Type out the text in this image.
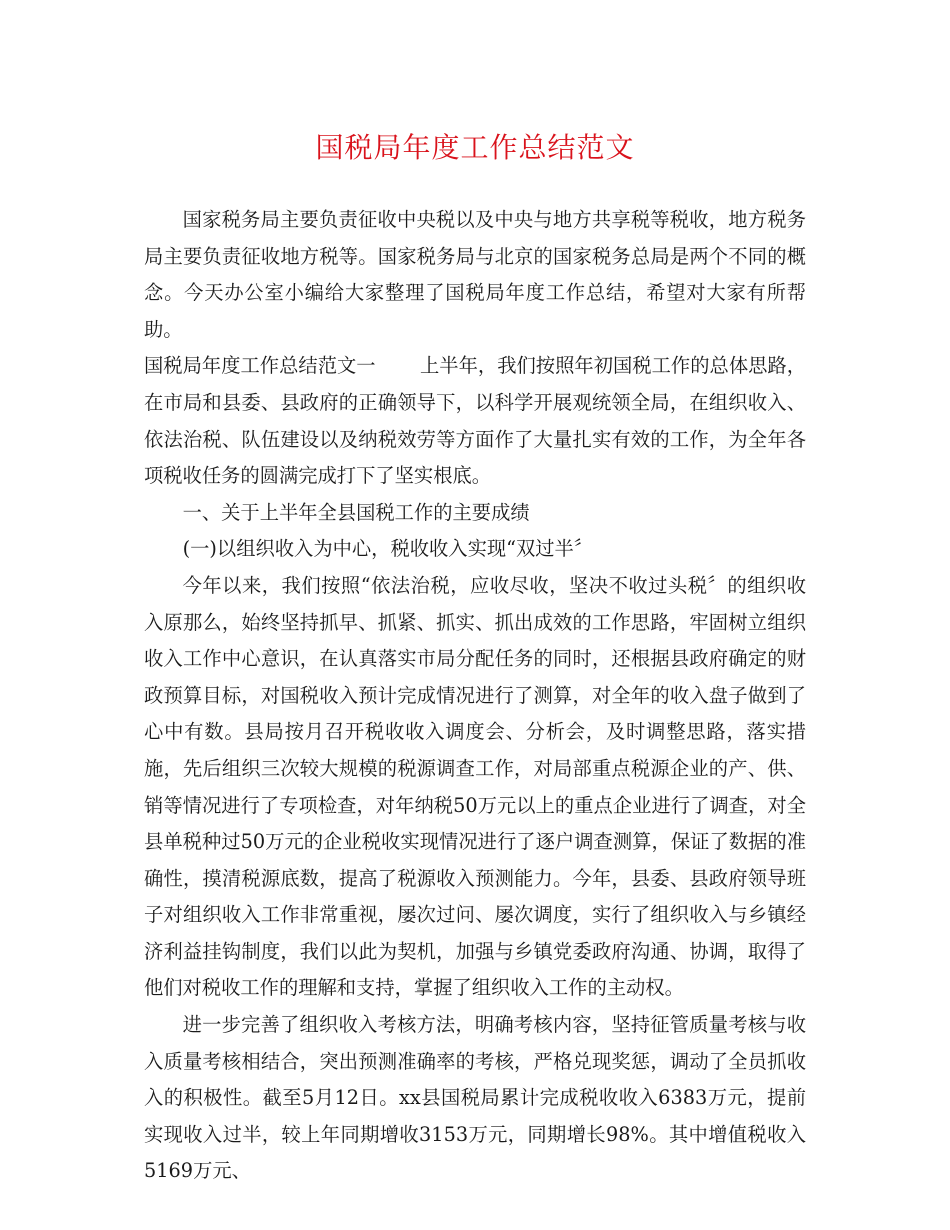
国税局年度工作总结范文

国家税务局主要负责征收中央税以及中央与地方共享税等税收，地方税务局主要负责征收地方税等。国家税务局与北京的国家税务总局是两个不同的概念。今天办公室小编给大家整理了国税局年度工作总结，希望对大家有所帮助。

国税局年度工作总结范文一 上半年，我们按照年初国税工作的总体思路，在市局和县委、县政府的正确领导下，以科学开展观统领全局，在组织收入、依法治税、队伍建设以及纳税效劳等方面作了大量扎实有效的工作，为全年各项税收任务的圆满完成打下了坚实根底。

一、关于上半年全县国税工作的主要成绩

(一)以组织收入为中心，税收收入实现“双过半〞

今年以来，我们按照“依法治税，应收尽收，坚决不收过头税〞的组织收入原那么，始终坚持抓早、抓紧、抓实、抓出成效的工作思路，牢固树立组织收入工作中心意识，在认真落实市局分配任务的同时，还根据县政府确定的财政预算目标，对国税收入预计完成情况进行了测算，对全年的收入盘子做到了心中有数。县局按月召开税收收入调度会、分析会，及时调整思路，落实措施，先后组织三次较大规模的税源调查工作，对局部重点税源企业的产、供、销等情况进行了专项检查，对年纳税50万元以上的重点企业进行了调查，对全县单税种过50万元的企业税收实现情况进行了逐户调查测算，保证了数据的准确性，摸清税源底数，提高了税源收入预测能力。今年，县委、县政府领导班子对组织收入工作非常重视，屡次过问、屡次调度，实行了组织收入与乡镇经济利益挂钩制度，我们以此为契机，加强与乡镇党委政府沟通、协调，取得了他们对税收工作的理解和支持，掌握了组织收入工作的主动权。

进一步完善了组织收入考核方法，明确考核内容，坚持征管质量考核与收入质量考核相结合，突出预测准确率的考核，严格兑现奖惩，调动了全员抓收入的积极性。截至5月12日。xx县国税局累计完成税收收入6383万元，提前实现收入过半，较上年同期增收3153万元，同期增长98%。其中增值税收入5169万元、
